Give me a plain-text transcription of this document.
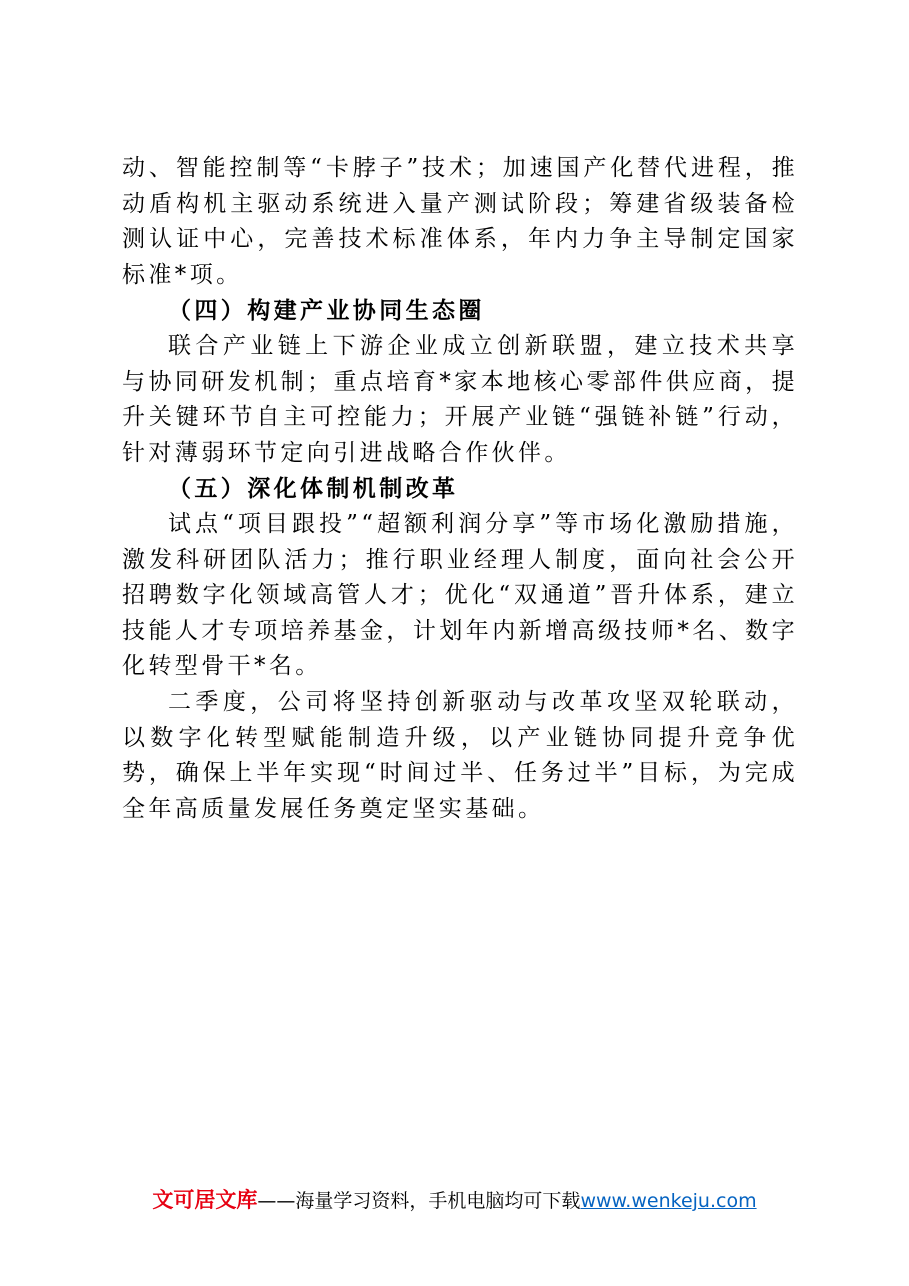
动、智能控制等“卡脖子”技术；加速国产化替代进程，推动盾构机主驱动系统进入量产测试阶段；筹建省级装备检测认证中心，完善技术标准体系，年内力争主导制定国家标准*项。

（四）构建产业协同生态圈

联合产业链上下游企业成立创新联盟，建立技术共享与协同研发机制；重点培育*家本地核心零部件供应商，提升关键环节自主可控能力；开展产业链“强链补链”行动，针对薄弱环节定向引进战略合作伙伴。

（五）深化体制机制改革

试点“项目跟投”“超额利润分享”等市场化激励措施，激发科研团队活力；推行职业经理人制度，面向社会公开招聘数字化领域高管人才；优化“双通道”晋升体系，建立技能人才专项培养基金，计划年内新增高级技师*名、数字化转型骨干*名。

二季度，公司将坚持创新驱动与改革攻坚双轮联动，以数字化转型赋能制造升级，以产业链协同提升竞争优势，确保上半年实现“时间过半、任务过半”目标，为完成全年高质量发展任务奠定坚实基础。

文可居文库——海量学习资料，手机电脑均可下载www.wenkeju.com
